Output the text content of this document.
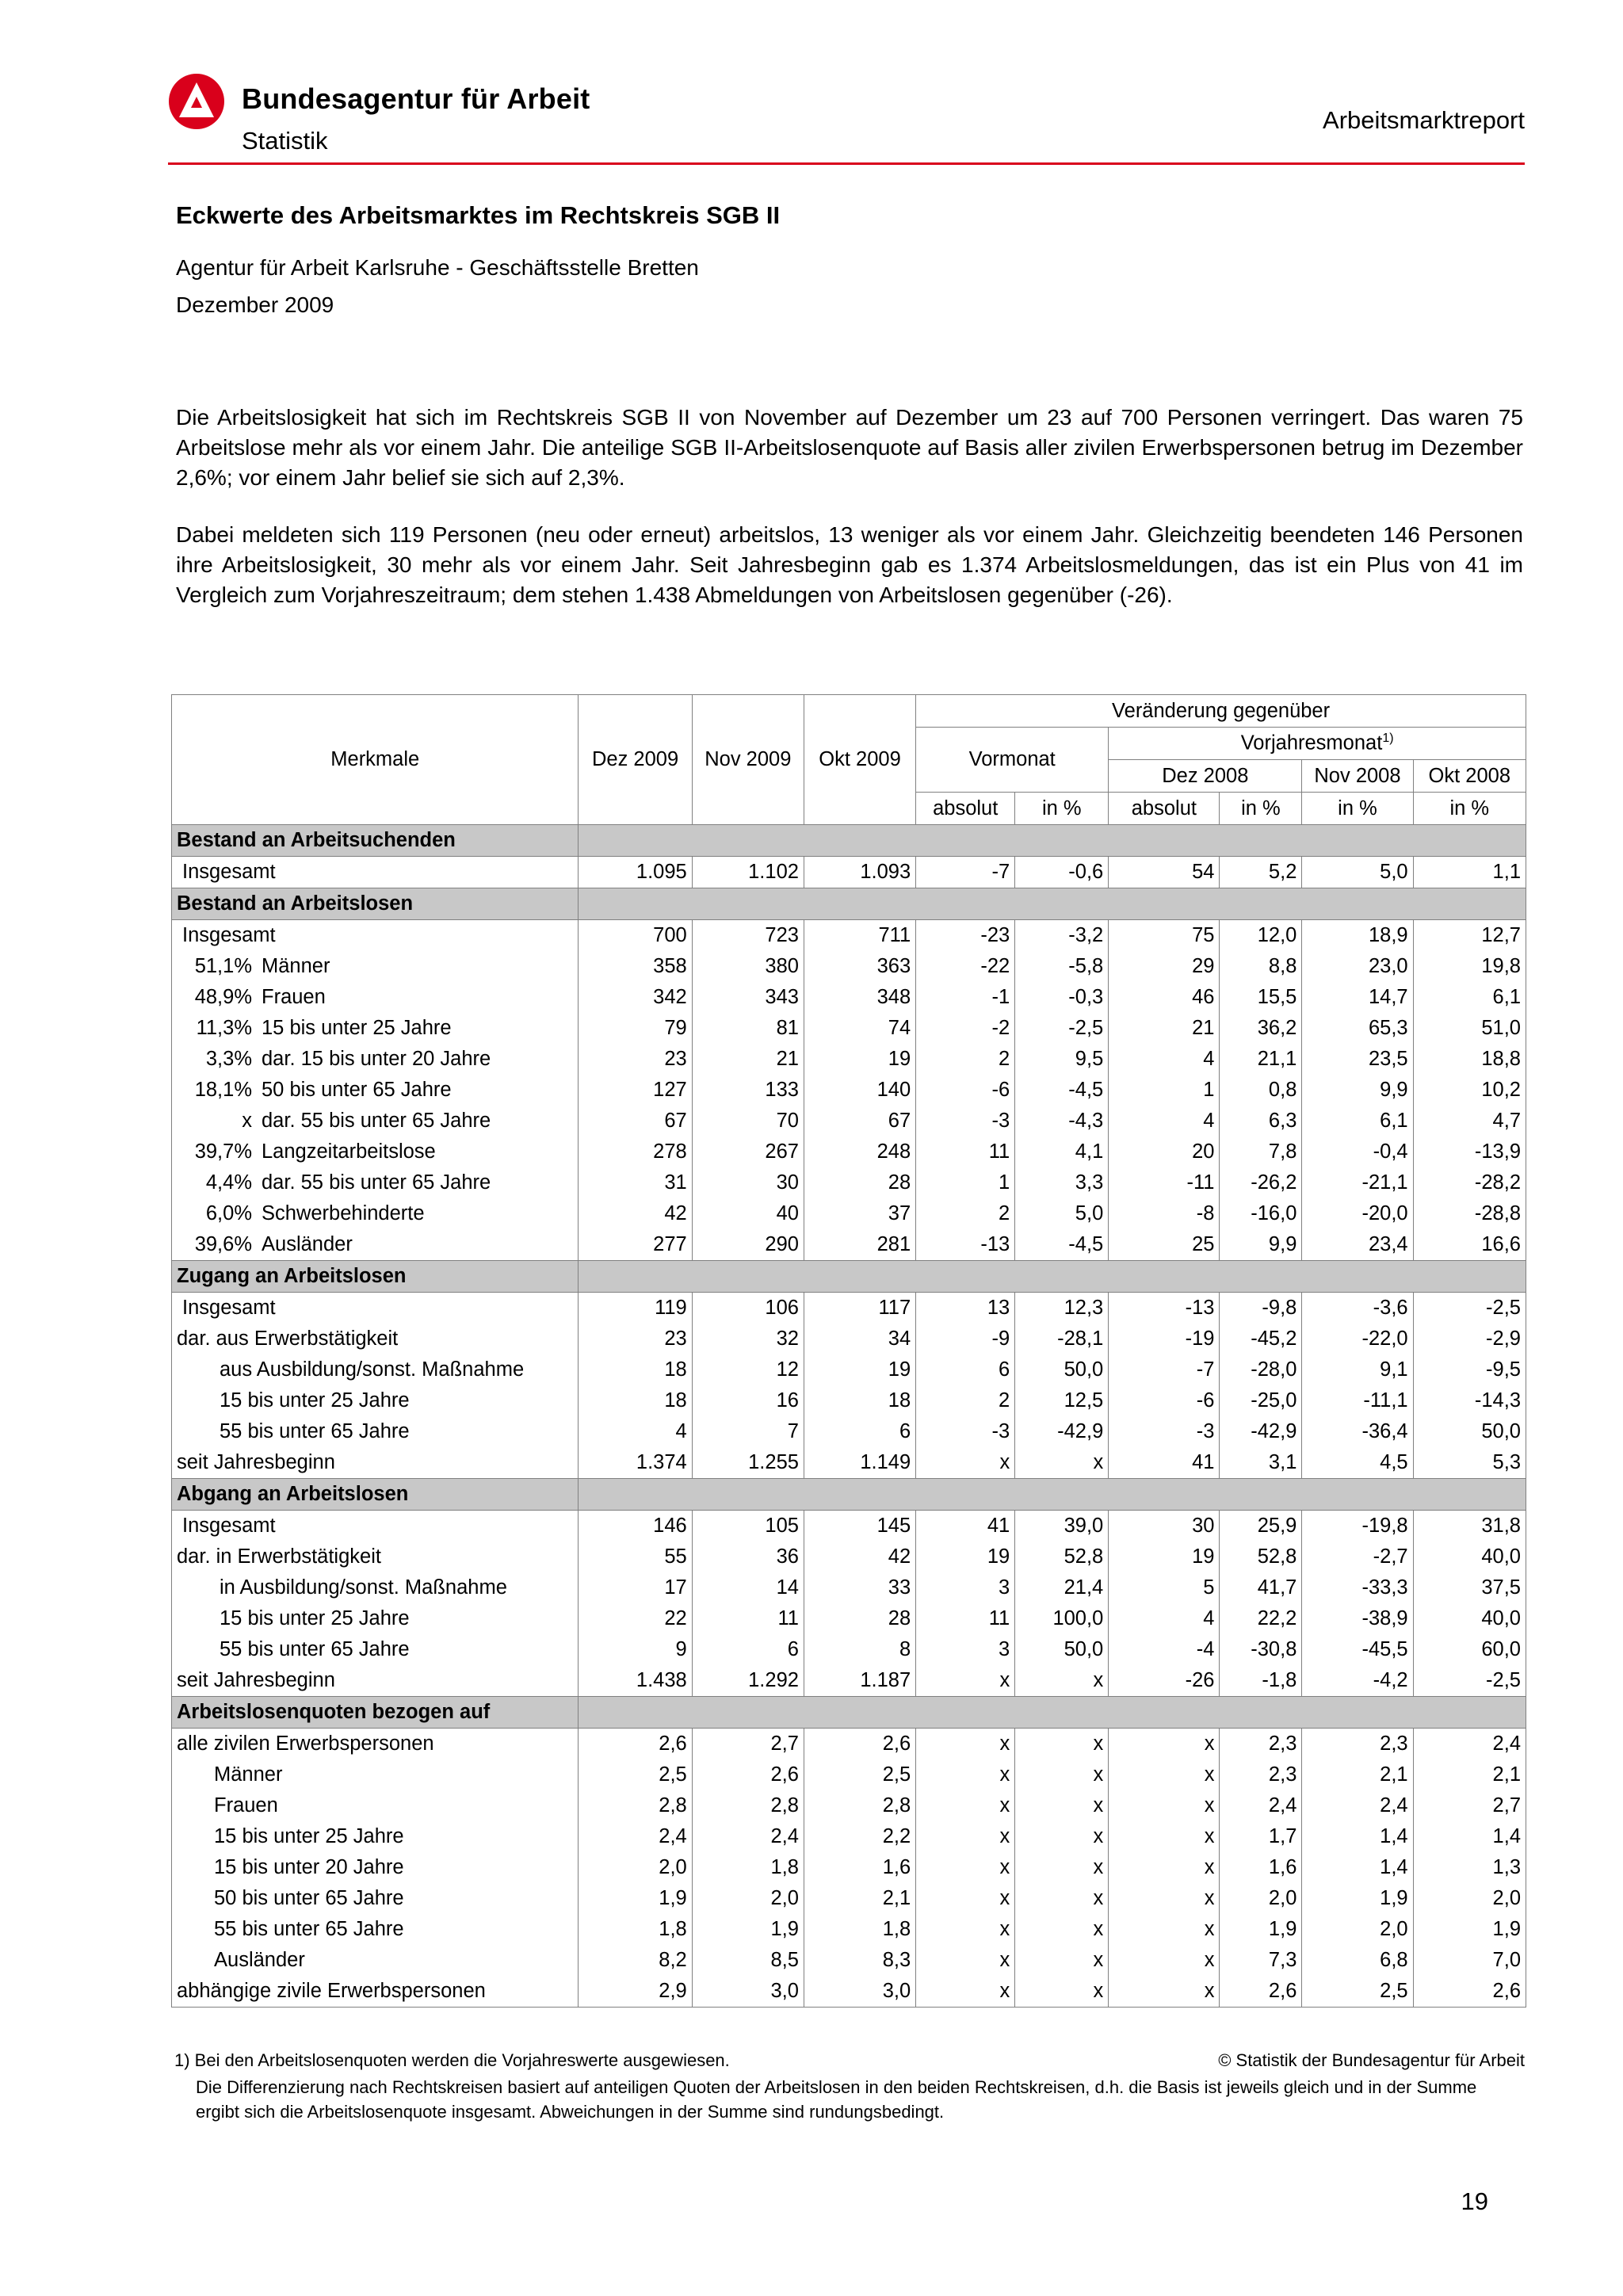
Bundesagentur für Arbeit
Statistik
Arbeitsmarktreport
Eckwerte des Arbeitsmarktes im Rechtskreis SGB II
Agentur für Arbeit Karlsruhe - Geschäftsstelle Bretten
Dezember 2009

Die Arbeitslosigkeit hat sich im Rechtskreis SGB II von November auf Dezember um 23 auf 700 Personen verringert. Das waren 75 Arbeitslose mehr als vor einem Jahr. Die anteilige SGB II-Arbeitslosenquote auf Basis aller zivilen Erwerbspersonen betrug im Dezember 2,6%; vor einem Jahr belief sie sich auf 2,3%.

Dabei meldeten sich 119 Personen (neu oder erneut) arbeitslos, 13 weniger als vor einem Jahr. Gleichzeitig beendeten 146 Personen ihre Arbeitslosigkeit, 30 mehr als vor einem Jahr. Seit Jahresbeginn gab es 1.374 Arbeitslosmeldungen, das ist ein Plus von 41 im Vergleich zum Vorjahreszeitraum; dem stehen 1.438 Abmeldungen von Arbeitslosen gegenüber (-26).

Merkmale	Dez 2009	Nov 2009	Okt 2009	Veränderung gegenüber					
				Vormonat		Vorjahresmonat$^{1)}$
						Dez 2008		Nov 2008	Okt 2008
				absolut	in %	absolut	in %	in %	in %
Bestand an Arbeitsuchenden									
Insgesamt	1.095	1.102	1.093	-7	-0,6	54	5,2	5,0	1,1
Bestand an Arbeitslosen									
Insgesamt	700	723	711	-23	-3,2	75	12,0	18,9	12,7
51,1% Männer	358	380	363	-22	-5,8	29	8,8	23,0	19,8
48,9% Frauen	342	343	348	-1	-0,3	46	15,5	14,7	6,1
11,3% 15 bis unter 25 Jahre	79	81	74	-2	-2,5	21	36,2	65,3	51,0
3,3% dar. 15 bis unter 20 Jahre	23	21	19	2	9,5	4	21,1	23,5	18,8
18,1% 50 bis unter 65 Jahre	127	133	140	-6	-4,5	1	0,8	9,9	10,2
x dar. 55 bis unter 65 Jahre	67	70	67	-3	-4,3	4	6,3	6,1	4,7
39,7% Langzeitarbeitslose	278	267	248	11	4,1	20	7,8	-0,4	-13,9
4,4% dar. 55 bis unter 65 Jahre	31	30	28	1	3,3	-11	-26,2	-21,1	-28,2
6,0% Schwerbehinderte	42	40	37	2	5,0	-8	-16,0	-20,0	-28,8
39,6% Ausländer	277	290	281	-13	-4,5	25	9,9	23,4	16,6
Zugang an Arbeitslosen									
Insgesamt	119	106	117	13	12,3	-13	-9,8	-3,6	-2,5
dar. aus Erwerbstätigkeit	23	32	34	-9	-28,1	-19	-45,2	-22,0	-2,9
aus Ausbildung/sonst. Maßnahme	18	12	19	6	50,0	-7	-28,0	9,1	-9,5
15 bis unter 25 Jahre	18	16	18	2	12,5	-6	-25,0	-11,1	-14,3
55 bis unter 65 Jahre	4	7	6	-3	-42,9	-3	-42,9	-36,4	50,0
seit Jahresbeginn	1.374	1.255	1.149	x	x	41	3,1	4,5	5,3
Abgang an Arbeitslosen									
Insgesamt	146	105	145	41	39,0	30	25,9	-19,8	31,8
dar. in Erwerbstätigkeit	55	36	42	19	52,8	19	52,8	-2,7	40,0
in Ausbildung/sonst. Maßnahme	17	14	33	3	21,4	5	41,7	-33,3	37,5
15 bis unter 25 Jahre	22	11	28	11	100,0	4	22,2	-38,9	40,0
55 bis unter 65 Jahre	9	6	8	3	50,0	-4	-30,8	-45,5	60,0
seit Jahresbeginn	1.438	1.292	1.187	x	x	-26	-1,8	-4,2	-2,5
Arbeitslosenquoten bezogen auf									
alle zivilen Erwerbspersonen	2,6	2,7	2,6	x	x	x	2,3	2,3	2,4
Männer	2,5	2,6	2,5	x	x	x	2,3	2,1	2,1
Frauen	2,8	2,8	2,8	x	x	x	2,4	2,4	2,7
15 bis unter 25 Jahre	2,4	2,4	2,2	x	x	x	1,7	1,4	1,4
15 bis unter 20 Jahre	2,0	1,8	1,6	x	x	x	1,6	1,4	1,3
50 bis unter 65 Jahre	1,9	2,0	2,1	x	x	x	2,0	1,9	2,0
55 bis unter 65 Jahre	1,8	1,9	1,8	x	x	x	1,9	2,0	1,9
Ausländer	8,2	8,5	8,3	x	x	x	7,3	6,8	7,0
abhängige zivile Erwerbspersonen	2,9	3,0	3,0	x	x	x	2,6	2,5	2,6
1) Bei den Arbeitslosenquoten werden die Vorjahreswerte ausgewiesen.	© Statistik der Bundesagentur für Arbeit
Die Differenzierung nach Rechtskreisen basiert auf anteiligen Quoten der Arbeitslosen in den beiden Rechtskreisen, d.h. die Basis ist jeweils gleich und in der Summe ergibt sich die Arbeitslosenquote insgesamt. Abweichungen in der Summe sind rundungsbedingt.
19
